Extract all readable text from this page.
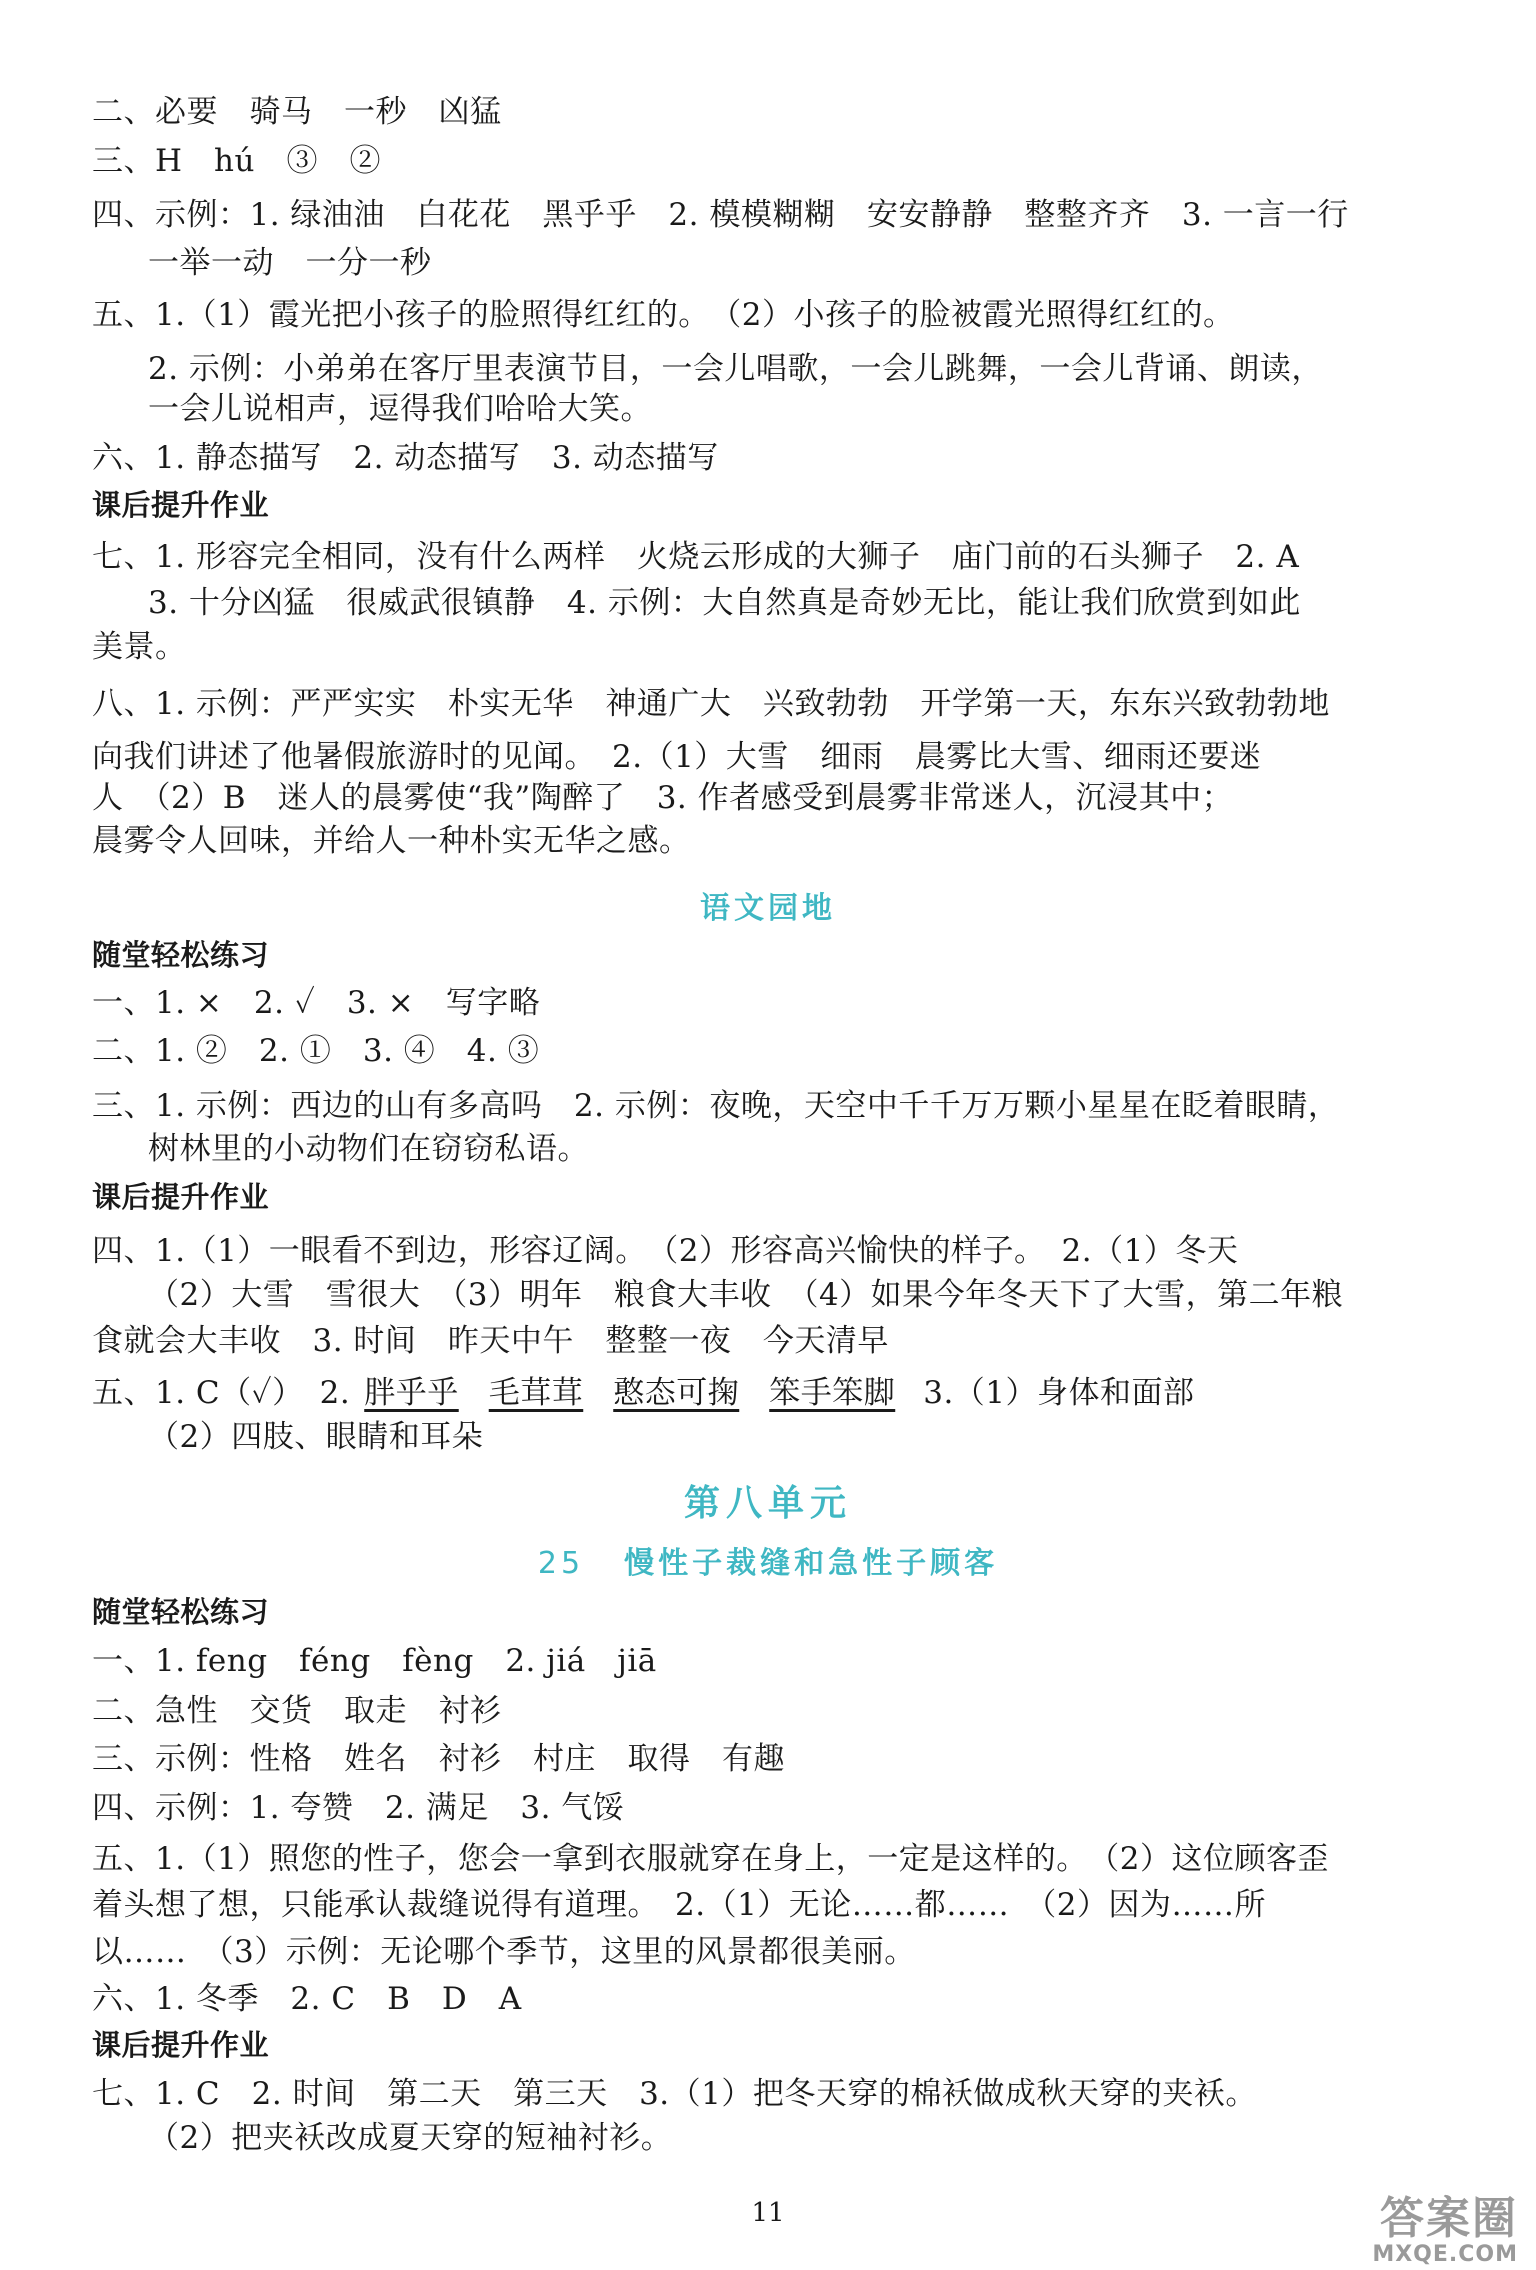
二、必要　骑马　一秒　凶猛
三、H　hú　③　②
四、示例：1. 绿油油　白花花　黑乎乎　2. 模模糊糊　安安静静　整整齐齐　3. 一言一行
一举一动　一分一秒
五、1.（1）霞光把小孩子的脸照得红红的。　（2）小孩子的脸被霞光照得红红的。
2. 示例：小弟弟在客厅里表演节目，一会儿唱歌，一会儿跳舞，一会儿背诵、朗读，
一会儿说相声，逗得我们哈哈大笑。
六、1. 静态描写　2. 动态描写　3. 动态描写
课后提升作业
七、1. 形容完全相同，没有什么两样　火烧云形成的大狮子　庙门前的石头狮子　2. A
3. 十分凶猛　很威武很镇静　4. 示例：大自然真是奇妙无比，能让我们欣赏到如此
美景。
八、1. 示例：严严实实　朴实无华　神通广大　兴致勃勃　开学第一天，东东兴致勃勃地
向我们讲述了他暑假旅游时的见闻。　2.（1）大雪　细雨　晨雾比大雪、细雨还要迷
人　（2）B　迷人的晨雾使“我”陶醉了　3. 作者感受到晨雾非常迷人，沉浸其中；
晨雾令人回味，并给人一种朴实无华之感。
语文园地
随堂轻松练习
一、1. ×　2. ✓　3. ×　写字略
二、1. ②　2. ①　3. ④　4. ③
三、1. 示例：西边的山有多高吗　2. 示例：夜晚，天空中千千万万颗小星星在眨着眼睛，
树林里的小动物们在窃窃私语。
课后提升作业
四、1.（1）一眼看不到边，形容辽阔。　（2）形容高兴愉快的样子。　2.（1）冬天
（2）大雪　雪很大　（3）明年　粮食大丰收　（4）如果今年冬天下了大雪，第二年粮
食就会大丰收　3. 时间　昨天中午　整整一夜　今天清早
五、1. C（✓）　2. 胖乎乎 毛茸茸 憨态可掬 笨手笨脚 3.（1）身体和面部
（2）四肢、眼睛和耳朵
第八单元
25 慢性子裁缝和急性子顾客
随堂轻松练习
一、1. feng　féng　fèng　2. jiá　jiā
二、急性　交货　取走　衬衫
三、示例：性格　姓名　衬衫　村庄　取得　有趣
四、示例：1. 夸赞　2. 满足　3. 气馁
五、1.（1）照您的性子，您会一拿到衣服就穿在身上，一定是这样的。　（2）这位顾客歪
着头想了想，只能承认裁缝说得有道理。　2.（1）无论……都……　（2）因为……所
以……　（3）示例：无论哪个季节，这里的风景都很美丽。
六、1. 冬季　2. C　B　D　A
课后提升作业
七、1. C　2. 时间　第二天　第三天　3.（1）把冬天穿的棉袄做成秋天穿的夹袄。
（2）把夹袄改成夏天穿的短袖衬衫。
11	答案圈
MXQE.COM
